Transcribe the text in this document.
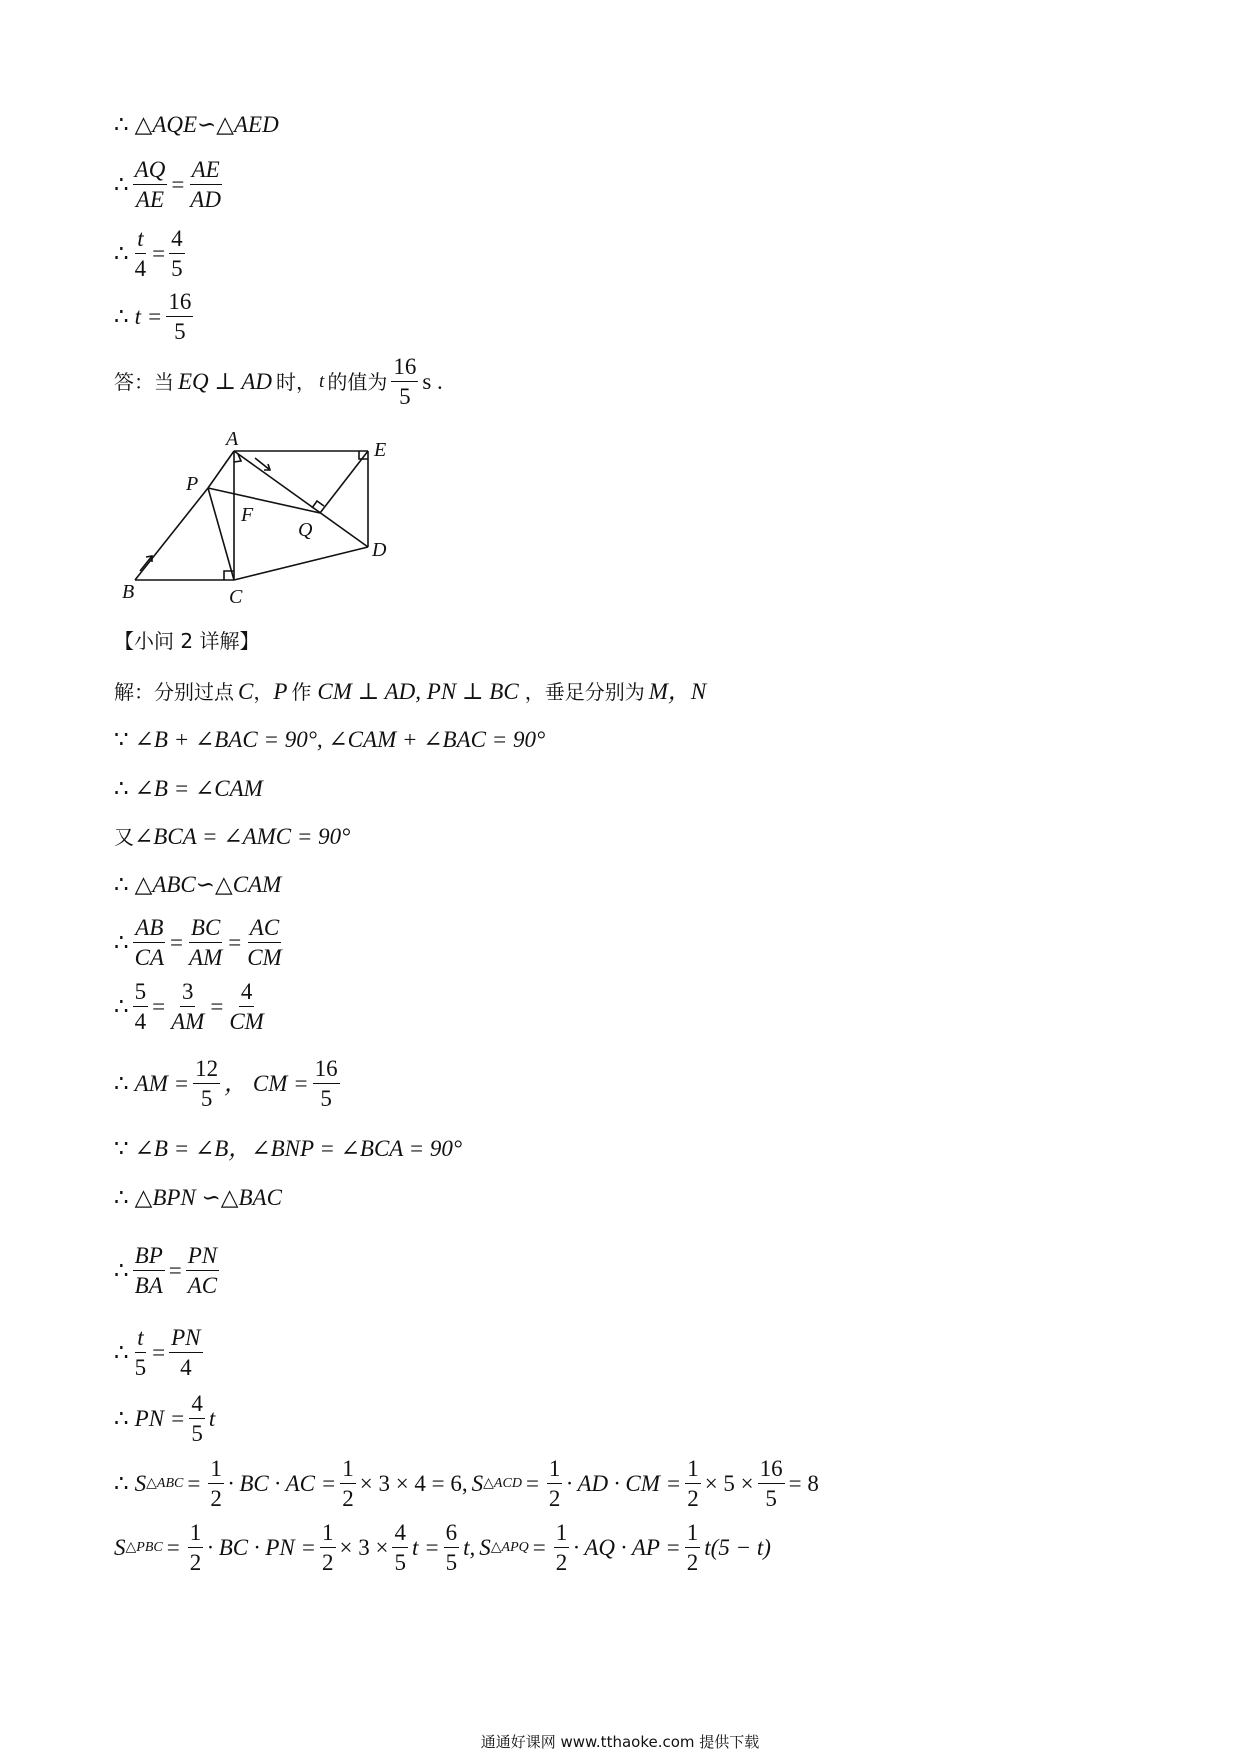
∴ △AQE∽△AED
∴ $\frac{AQ}{AE} = \frac{AE}{AD}$
∴ $\frac{t}{4} = \frac{4}{5}$
∴ $t = \frac{16}{5}$
答：当 EQ ⊥ AD 时， t 的值为 $\frac{16}{5}$ s .
A
B	C
D
E
P
Q
F
【小问 2 详解】
解：分别过点 C ， P 作 CM ⊥ AD, PN ⊥ BC ，垂足分别为 M，N
∵ ∠B + ∠BAC = 90°, ∠CAM + ∠BAC = 90°
∴ ∠B = ∠CAM
又 ∠BCA = ∠AMC = 90°
∴ △ABC∽△CAM
∴ $\frac{AB}{CA} = \frac{BC}{AM} = \frac{AC}{CM}$
∴ $\frac{5}{4} = \frac{3}{AM} = \frac{4}{CM}$
∴ AM = $\frac{12}{5}$ ， CM = $\frac{16}{5}$
∵ ∠B = ∠B，∠BNP = ∠BCA = 90°
∴ △BPN ∽△BAC
∴ $\frac{BP}{BA} = \frac{PN}{AC}$
∴ $\frac{t}{5} = \frac{PN}{4}$
∴ PN = $\frac{4}{5}$ t
∴ S △ABC = $\frac{1}{2}$ · BC · AC = $\frac{1}{2} \times 3 \times 4 = 6$, S △ACD = $\frac{1}{2}$ · AD · CM = $\frac{1}{2} \times 5 \times \frac{16}{5} = 8$
S △PBC = $\frac{1}{2}$ · BC · PN = $\frac{1}{2} \times 3 \times \frac{4}{5}$ $t = \frac{6}{5} t$, S △APQ = $\frac{1}{2}$ · AQ · AP = $\frac{1}{2} t(5 - t)$
通通好课网 www.tthaoke.com 提供下载
